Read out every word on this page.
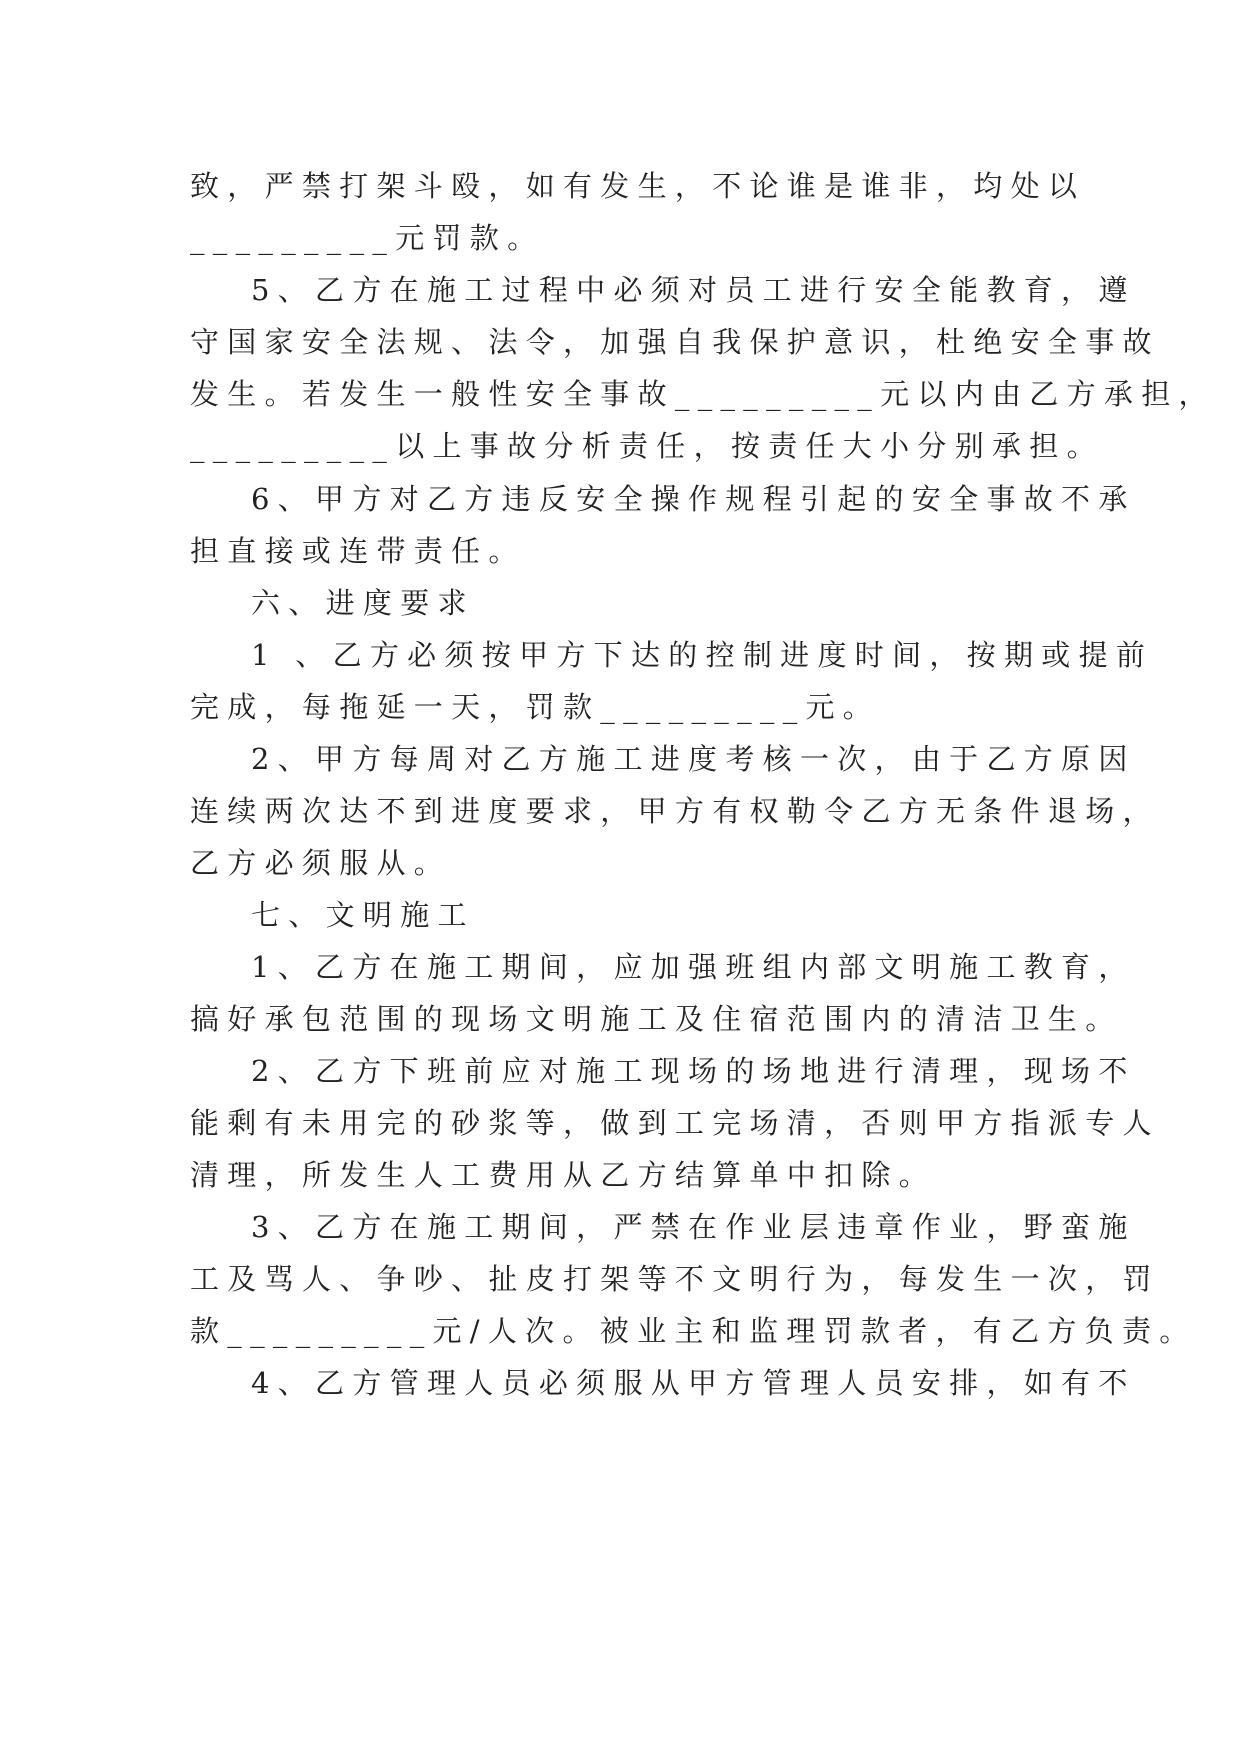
致，严禁打架斗殴，如有发生，不论谁是谁非，均处以
_________元罚款。
5、乙方在施工过程中必须对员工进行安全能教育，遵
守国家安全法规、法令，加强自我保护意识，杜绝安全事故
发生。若发生一般性安全事故_________元以内由乙方承担，
_________以上事故分析责任，按责任大小分别承担。
6、甲方对乙方违反安全操作规程引起的安全事故不承
担直接或连带责任。
六、进度要求
1 、乙方必须按甲方下达的控制进度时间，按期或提前
完成，每拖延一天，罚款_________元。
2、甲方每周对乙方施工进度考核一次，由于乙方原因
连续两次达不到进度要求，甲方有权勒令乙方无条件退场，
乙方必须服从。
七、文明施工
1、乙方在施工期间，应加强班组内部文明施工教育，
搞好承包范围的现场文明施工及住宿范围内的清洁卫生。
2、乙方下班前应对施工现场的场地进行清理，现场不
能剩有未用完的砂浆等，做到工完场清，否则甲方指派专人
清理，所发生人工费用从乙方结算单中扣除。
3、乙方在施工期间，严禁在作业层违章作业，野蛮施
工及骂人、争吵、扯皮打架等不文明行为，每发生一次，罚
款_________元/人次。被业主和监理罚款者，有乙方负责。
4、乙方管理人员必须服从甲方管理人员安排，如有不
